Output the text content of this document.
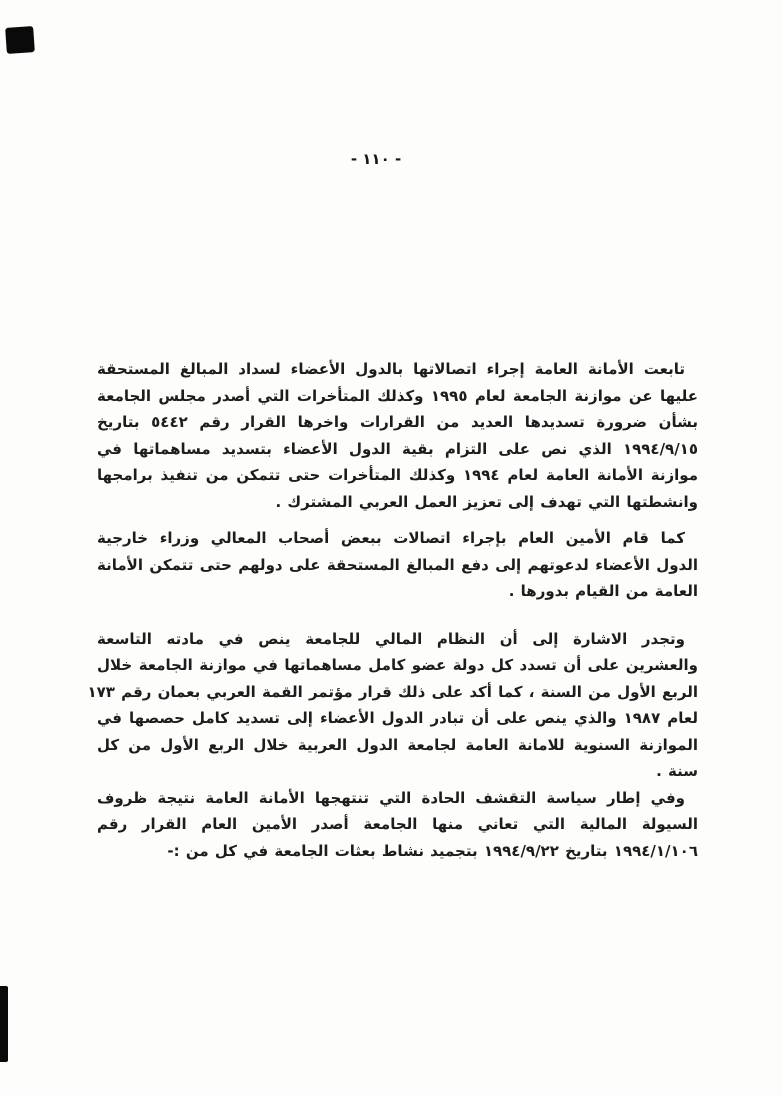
- ١١٠ -
تابعت الأمانة العامة إجراء اتصالاتها بالدول الأعضاء لسداد المبالغ المستحقة
عليها عن موازنة الجامعة لعام ١٩٩٥ وكذلك المتأخرات التي أصدر مجلس الجامعة
بشأن ضرورة تسديدها العديد من القرارات واخرها القرار رقم ٥٤٤٢ بتاريخ
١٩٩٤/٩/١٥ الذي نص على التزام بقية الدول الأعضاء بتسديد مساهماتها في
موازنة الأمانة العامة لعام ١٩٩٤ وكذلك المتأخرات حتى تتمكن من تنفيذ برامجها
وانشطتها التي تهدف إلى تعزيز العمل العربي المشترك .
كما قام الأمين العام بإجراء اتصالات ببعض أصحاب المعالي وزراء خارجية
الدول الأعضاء لدعوتهم إلى دفع المبالغ المستحقة على دولهم حتى تتمكن الأمانة
العامة من القيام بدورها .
وتجدر الاشارة إلى أن النظام المالي للجامعة ينص في مادته التاسعة
والعشرين على أن تسدد كل دولة عضو كامل مساهماتها في موازنة الجامعة خلال
الربع الأول من السنة ، كما أكد على ذلك قرار مؤتمر القمة العربي بعمان رقم ١٧٣
لعام ١٩٨٧ والذي ينص على أن تبادر الدول الأعضاء إلى تسديد كامل حصصها في
الموازنة السنوية للامانة العامة لجامعة الدول العربية خلال الربع الأول من كل
سنة .
وفي إطار سياسة التقشف الحادة التي تنتهجها الأمانة العامة نتيجة ظروف
السيولة المالية التي تعاني منها الجامعة أصدر الأمين العام القرار رقم
١٩٩٤/١/١٠٦ بتاريخ ١٩٩٤/٩/٢٢ بتجميد نشاط بعثات الجامعة في كل من :-
